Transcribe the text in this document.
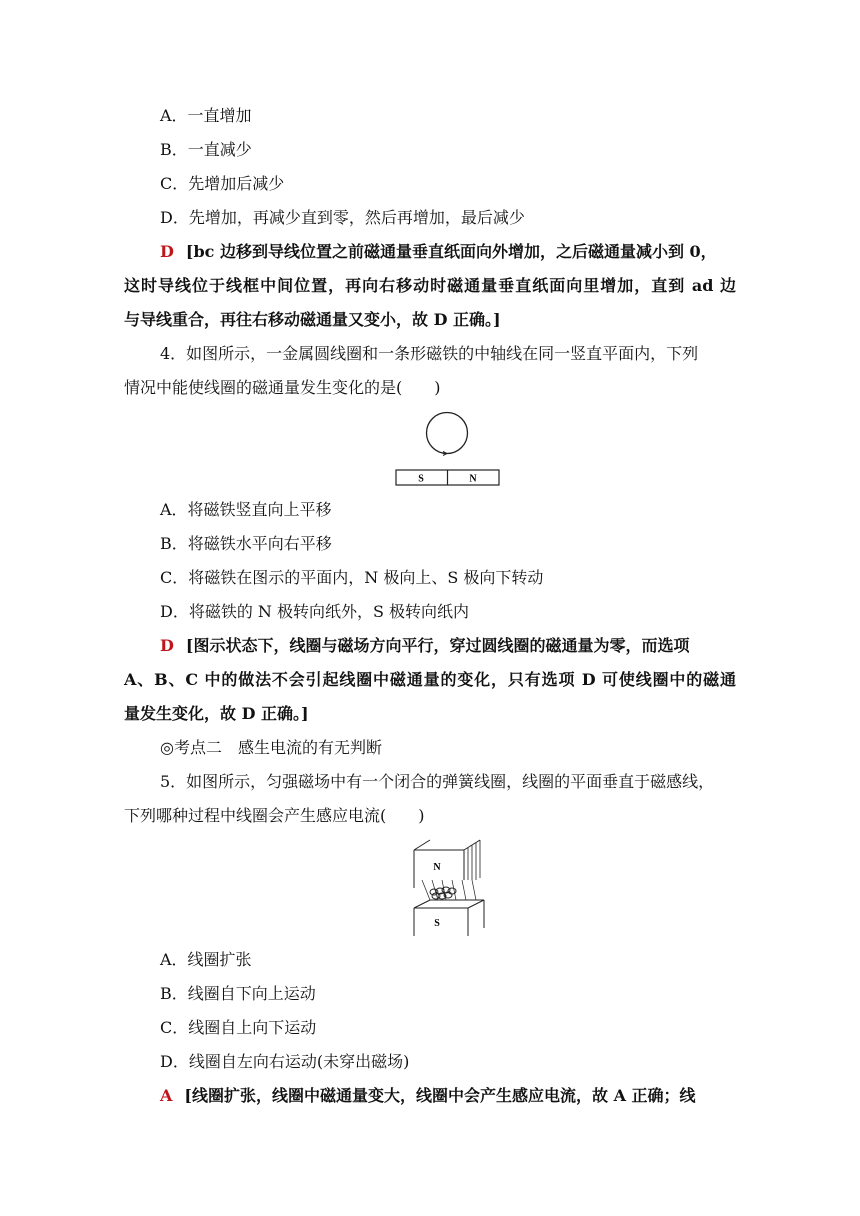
A．一直增加
B．一直减少
C．先增加后减少
D．先增加，再减少直到零，然后再增加，最后减少
D [bc 边移到导线位置之前磁通量垂直纸面向外增加，之后磁通量减小到 0，
这时导线位于线框中间位置，再向右移动时磁通量垂直纸面向里增加，直到 ad 边
与导线重合，再往右移动磁通量又变小，故 D 正确。]
4．如图所示，一金属圆线圈和一条形磁铁的中轴线在同一竖直平面内，下列
情况中能使线圈的磁通量发生变化的是(　　)
S	N
A．将磁铁竖直向上平移
B．将磁铁水平向右平移
C．将磁铁在图示的平面内，N 极向上、S 极向下转动
D．将磁铁的 N 极转向纸外，S 极转向纸内
D [图示状态下，线圈与磁场方向平行，穿过圆线圈的磁通量为零，而选项
A、B、C 中的做法不会引起线圈中磁通量的变化，只有选项 D 可使线圈中的磁通
量发生变化，故 D 正确。]
◎考点二　感生电流的有无判断
5．如图所示，匀强磁场中有一个闭合的弹簧线圈，线圈的平面垂直于磁感线，
下列哪种过程中线圈会产生感应电流(　　)
N
S
A．线圈扩张
B．线圈自下向上运动
C．线圈自上向下运动
D．线圈自左向右运动(未穿出磁场)
A [线圈扩张，线圈中磁通量变大，线圈中会产生感应电流，故 A 正确；线
